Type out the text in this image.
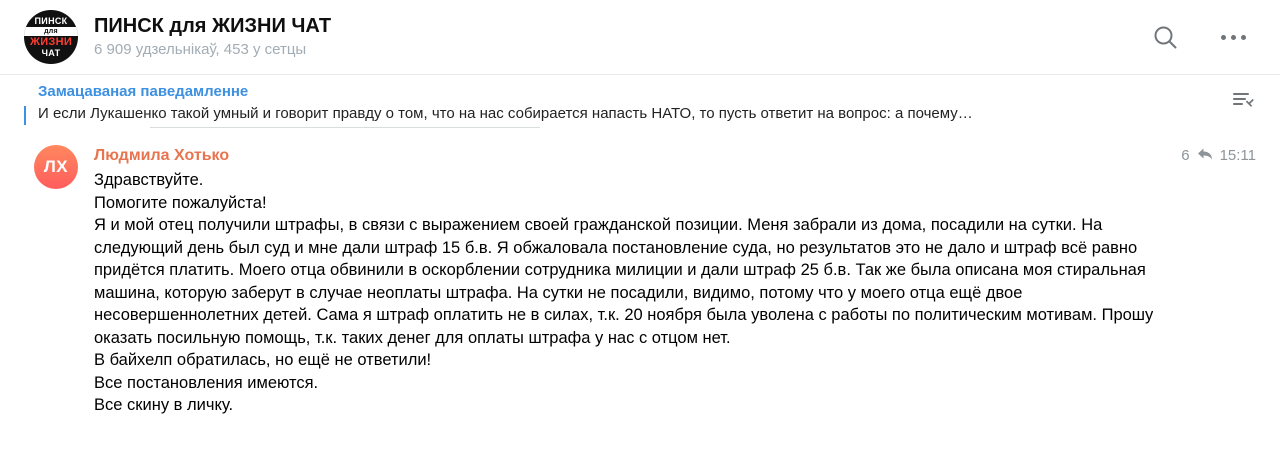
ПИНСК
для
ЖИЗНИ
ЧАТ
ПИНСК для ЖИЗНИ ЧАТ
6 909 удзельнікаў, 453 у сетцы
Замацаваная паведамленне
И если Лукашенко такой умный и говорит правду о том, что на нас собирается напасть НАТО, то пусть ответит на вопрос: а почему…
ЛХ
Людмила Хотько	6 15:11

Здравствуйте.

Помогите пожалуйста!

Я и мой отец получили штрафы, в связи с выражением своей гражданской позиции. Меня забрали из дома, посадили на сутки. На следующий день был суд и мне дали штраф 15 б.в. Я обжаловала постановление суда, но результатов это не дало и штраф всё равно придётся платить. Моего отца обвинили в оскорблении сотрудника милиции и дали штраф 25 б.в. Так же была описана моя стиральная машина, которую заберут в случае неоплаты штрафа. На сутки не посадили, видимо, потому что у моего отца ещё двое несовершеннолетних детей. Сама я штраф оплатить не в силах, т.к. 20 ноября была уволена с работы по политическим мотивам. Прошу оказать посильную помощь, т.к. таких денег для оплаты штрафа у нас с отцом нет.

В байхелп обратилась, но ещё не ответили!

Все постановления имеются.

Все скину в личку.
